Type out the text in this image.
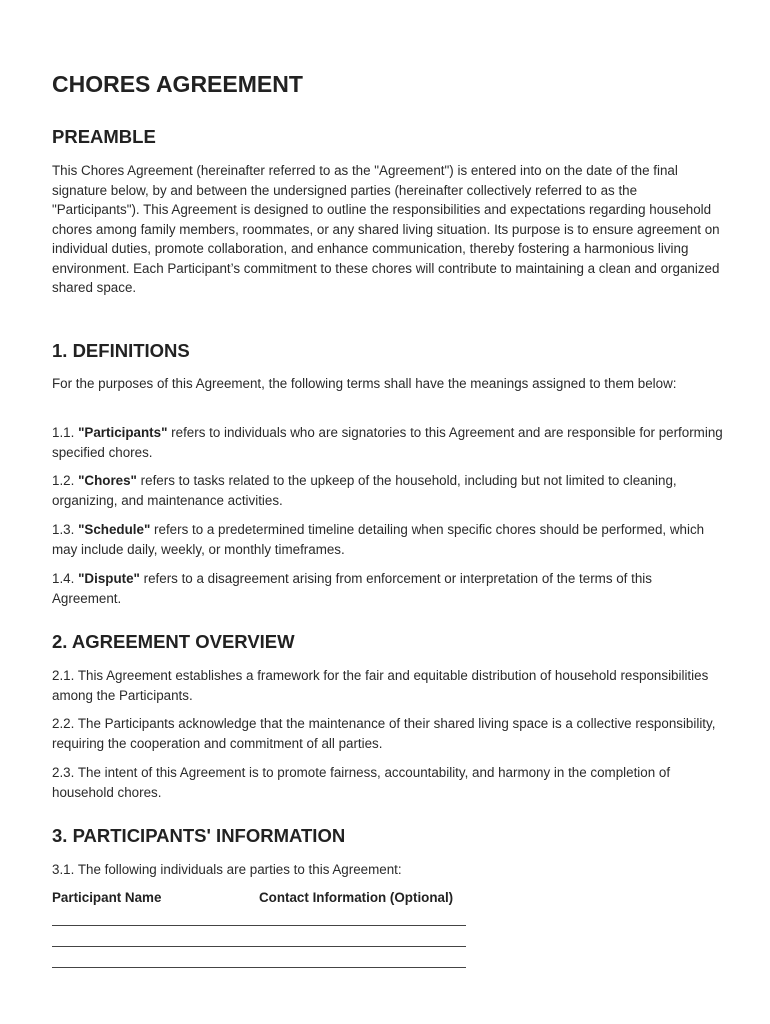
CHORES AGREEMENT
PREAMBLE

This Chores Agreement (hereinafter referred to as the "Agreement") is entered into on the date of the final signature below, by and between the undersigned parties (hereinafter collectively referred to as the "Participants"). This Agreement is designed to outline the responsibilities and expectations regarding household chores among family members, roommates, or any shared living situation. Its purpose is to ensure agreement on individual duties, promote collaboration, and enhance communication, thereby fostering a harmonious living environment. Each Participant’s commitment to these chores will contribute to maintaining a clean and organized shared space.

1. DEFINITIONS

For the purposes of this Agreement, the following terms shall have the meanings assigned to them below:

1.1. "Participants" refers to individuals who are signatories to this Agreement and are responsible for performing specified chores.

1.2. "Chores" refers to tasks related to the upkeep of the household, including but not limited to cleaning, organizing, and maintenance activities.

1.3. "Schedule" refers to a predetermined timeline detailing when specific chores should be performed, which may include daily, weekly, or monthly timeframes.

1.4. "Dispute" refers to a disagreement arising from enforcement or interpretation of the terms of this Agreement.

2. AGREEMENT OVERVIEW

2.1. This Agreement establishes a framework for the fair and equitable distribution of household responsibilities among the Participants.

2.2. The Participants acknowledge that the maintenance of their shared living space is a collective responsibility, requiring the cooperation and commitment of all parties.

2.3. The intent of this Agreement is to promote fairness, accountability, and harmony in the completion of household chores.

3. PARTICIPANTS' INFORMATION

3.1. The following individuals are parties to this Agreement:

Participant Name	Contact Information (Optional)
